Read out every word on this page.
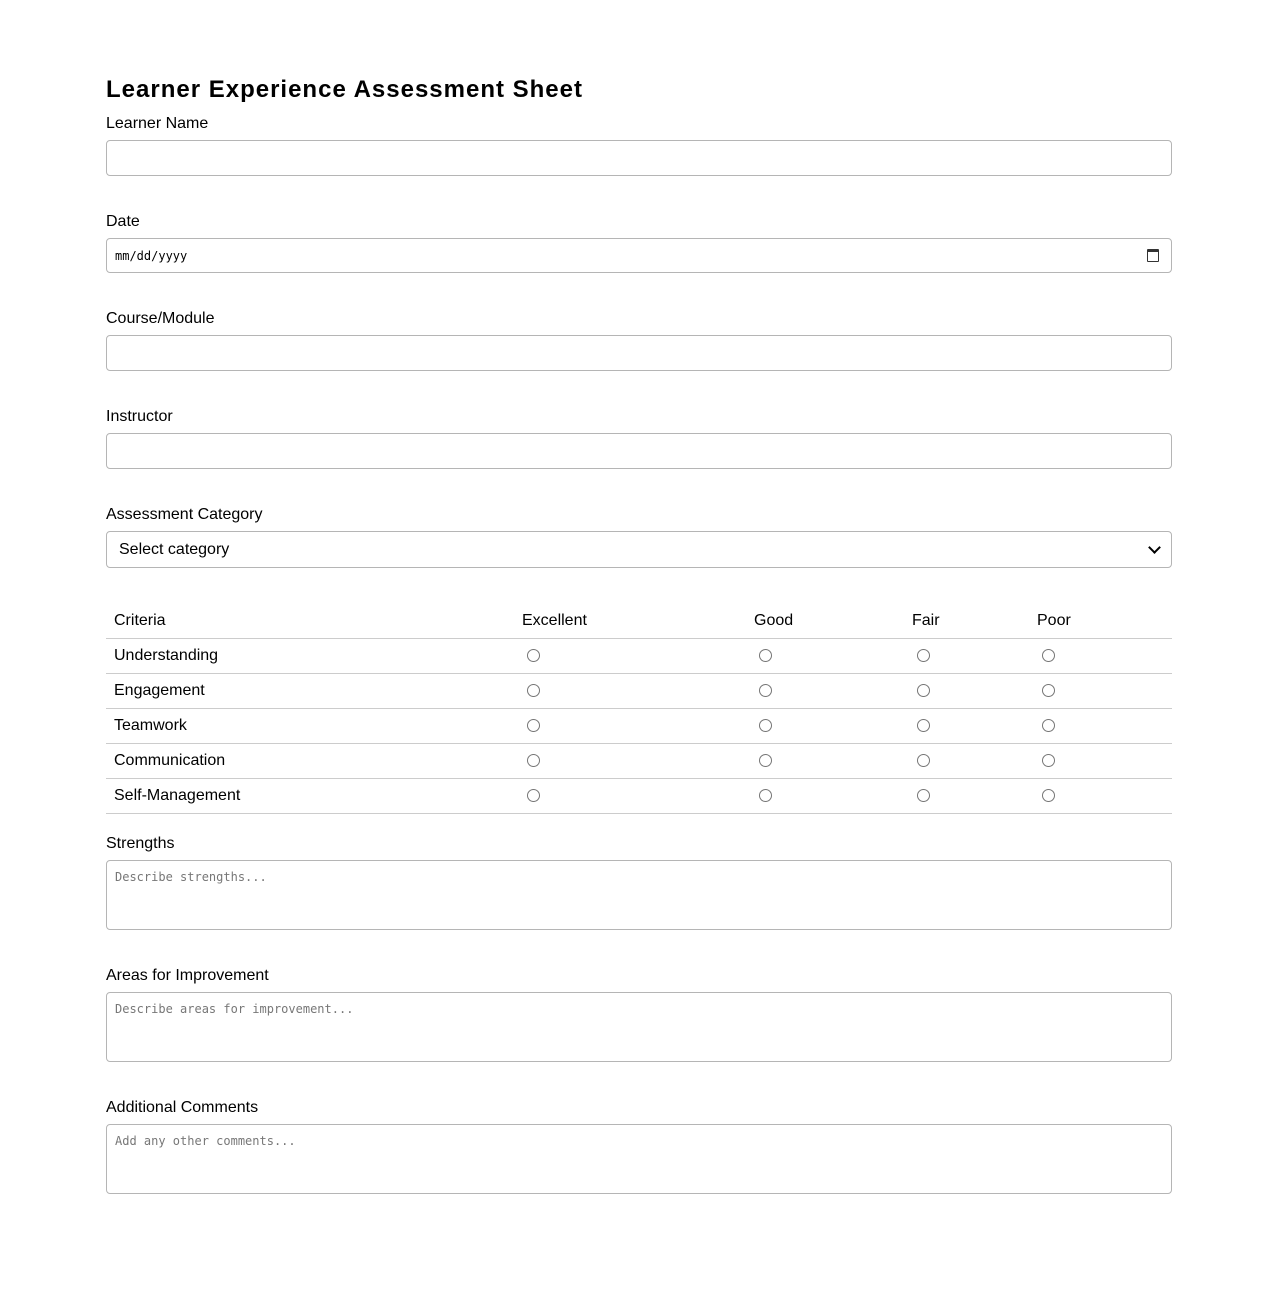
Learner Experience Assessment Sheet
Learner Name
Date
mm/dd/yyyy
Course/Module
Instructor
Assessment Category
Select category
Criteria	Excellent	Good	Fair	Poor
Understanding				
Engagement				
Teamwork				
Communication				
Self-Management				
Strengths
Describe strengths...
Areas for Improvement
Describe areas for improvement...
Additional Comments
Add any other comments...
